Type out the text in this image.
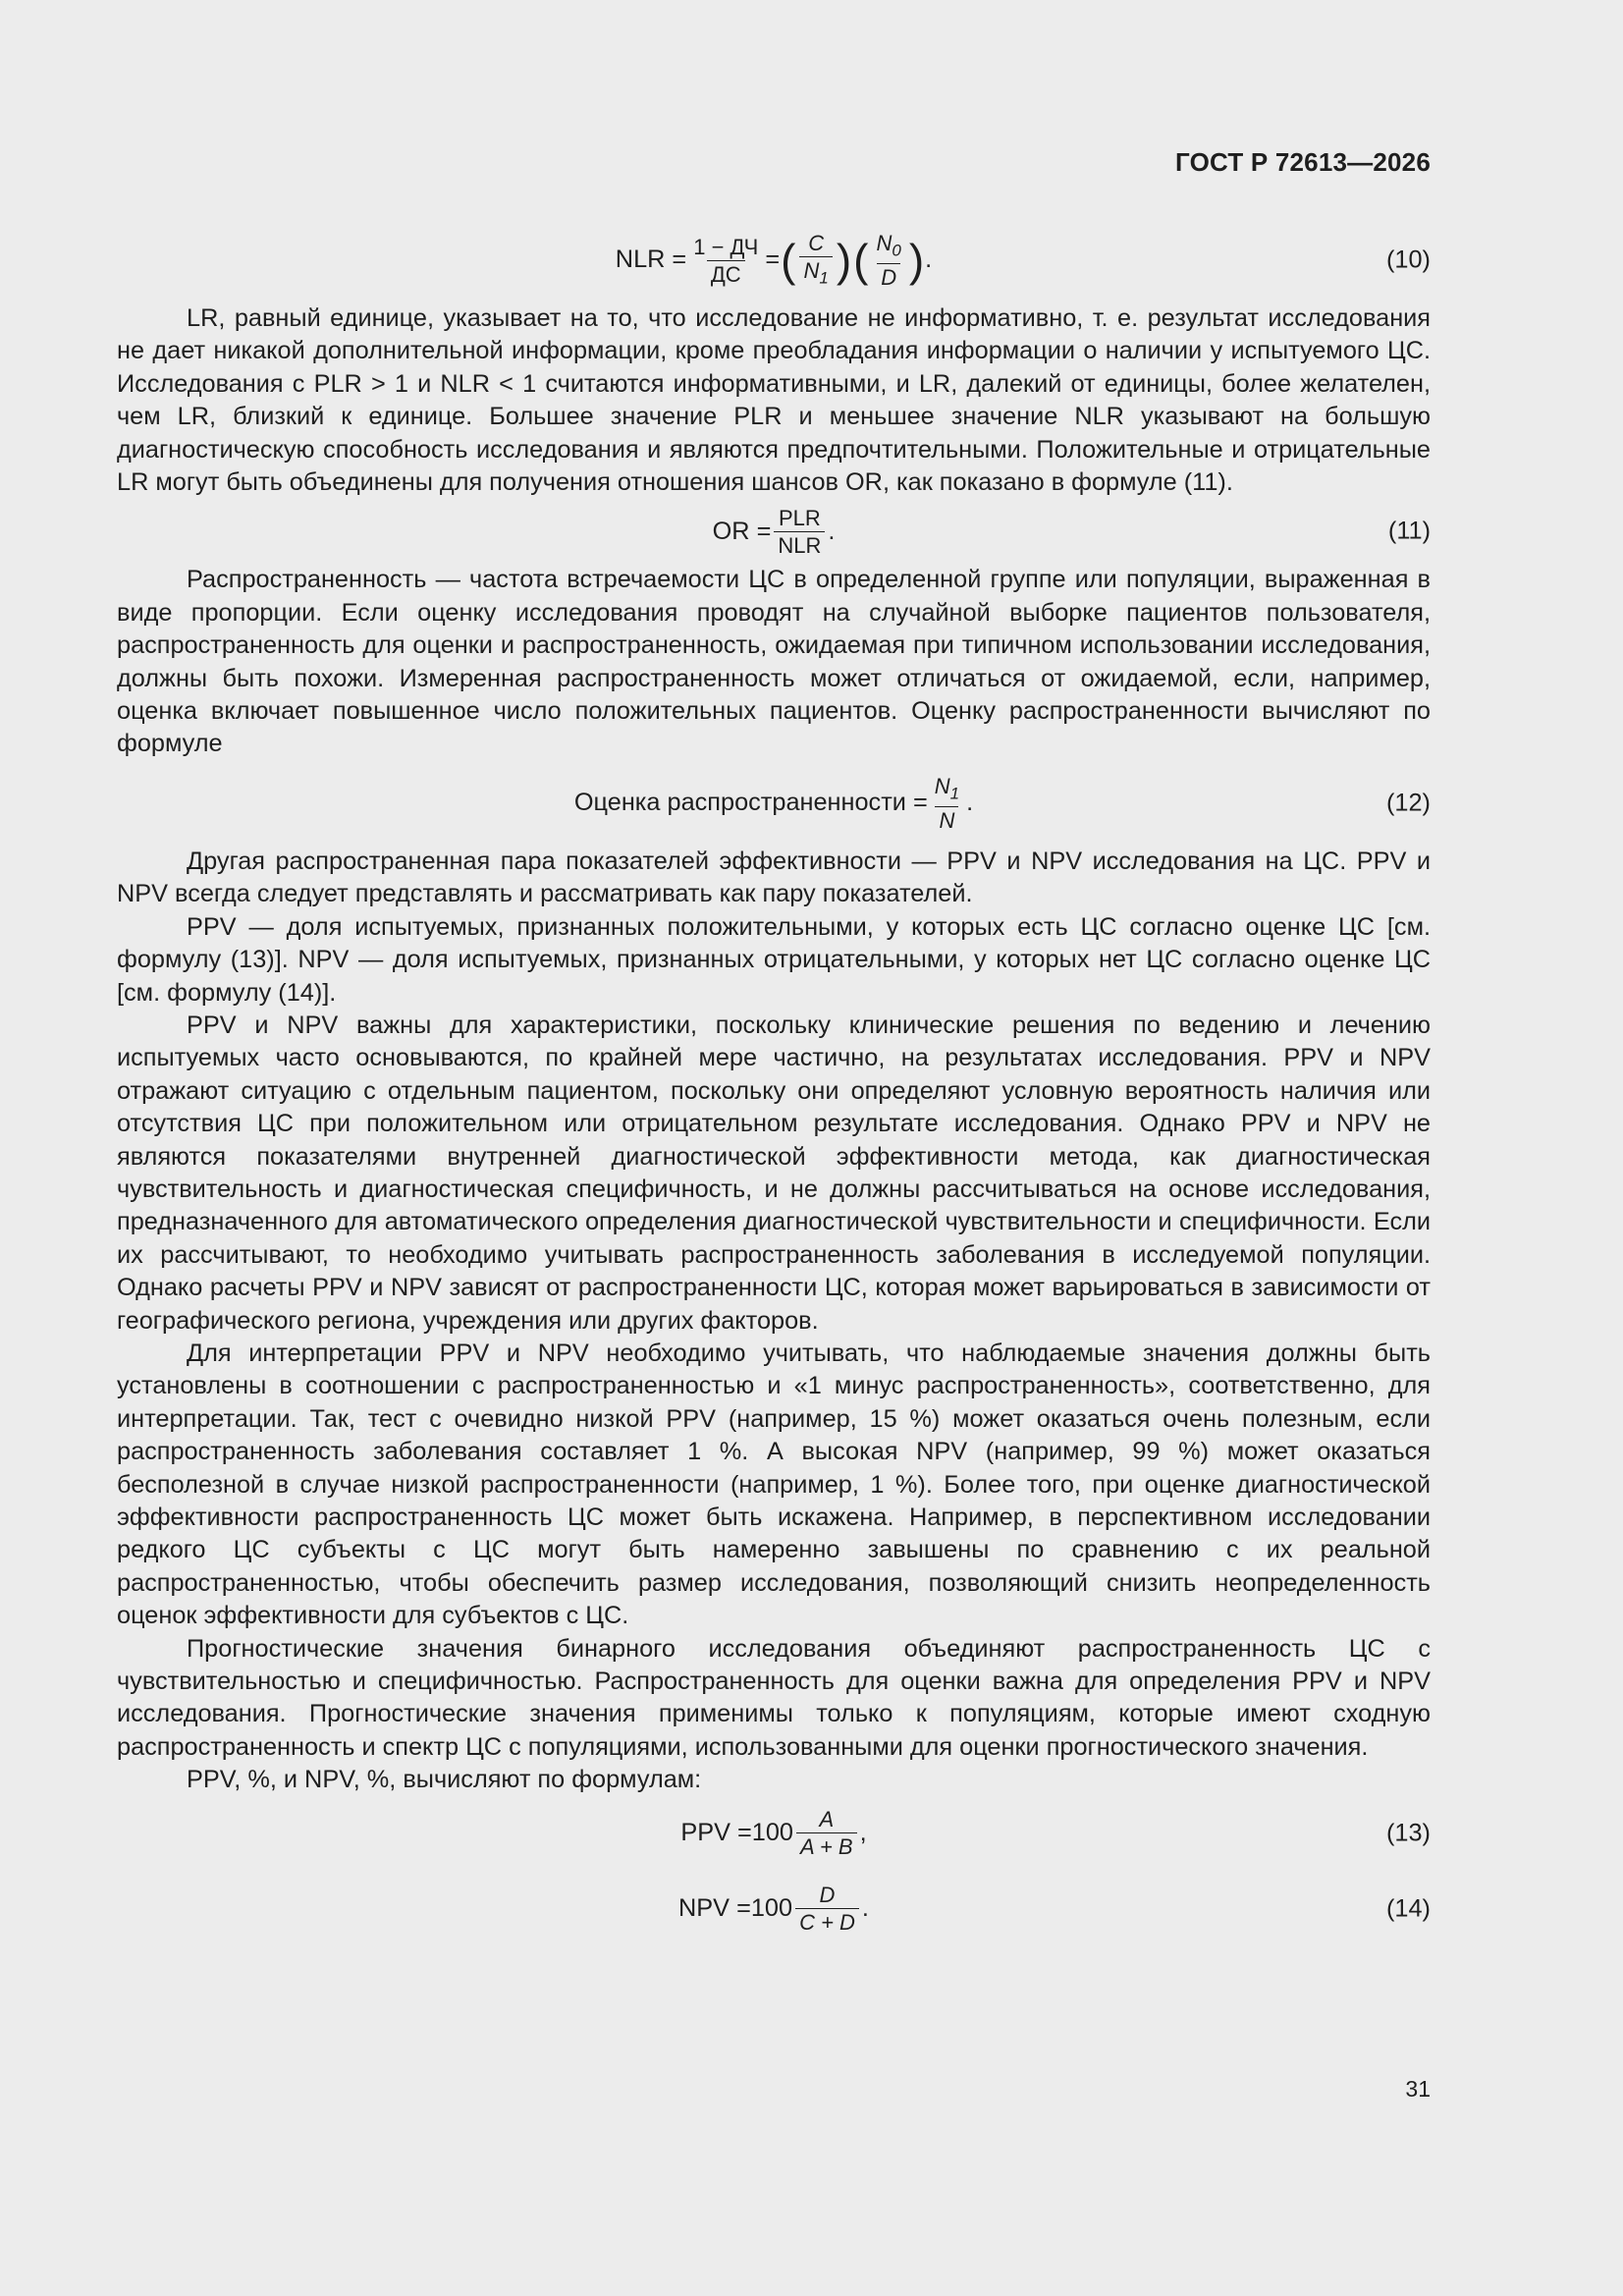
ГОСТ Р 72613—2026
NLR = $\frac{1 - ДЧ}{ДС}$ = ( $\frac{C}{N_1}$ ) ( $\frac{N_0}{D}$ ) .	(10)

LR, равный единице, указывает на то, что исследование не информативно, т. е. результат исследования не дает никакой дополнительной информации, кроме преобладания информации о наличии у испытуемого ЦС. Исследования с PLR > 1 и NLR < 1 считаются информативными, и LR, далекий от единицы, более желателен, чем LR, близкий к единице. Большее значение PLR и меньшее значение NLR указывают на большую диагностическую способность исследования и являются предпочтительными. Положительные и отрицательные LR могут быть объединены для получения отношения шансов OR, как показано в формуле (11).

OR = $\frac{\text{PLR}}{\text{NLR}}$ .	(11)

Распространенность — частота встречаемости ЦС в определенной группе или популяции, выраженная в виде пропорции. Если оценку исследования проводят на случайной выборке пациентов пользователя, распространенность для оценки и распространенность, ожидаемая при типичном использовании исследования, должны быть похожи. Измеренная распространенность может отличаться от ожидаемой, если, например, оценка включает повышенное число положительных пациентов. Оценку распространенности вычисляют по формуле

Оценка распространенности = $\frac{N_1}{N}$ .	(12)

Другая распространенная пара показателей эффективности — PPV и NPV исследования на ЦС. PPV и NPV всегда следует представлять и рассматривать как пару показателей.

PPV — доля испытуемых, признанных положительными, у которых есть ЦС согласно оценке ЦС [см. формулу (13)]. NPV — доля испытуемых, признанных отрицательными, у которых нет ЦС согласно оценке ЦС [см. формулу (14)].

PPV и NPV важны для характеристики, поскольку клинические решения по ведению и лечению испытуемых часто основываются, по крайней мере частично, на результатах исследования. PPV и NPV отражают ситуацию с отдельным пациентом, поскольку они определяют условную вероятность наличия или отсутствия ЦС при положительном или отрицательном результате исследования. Однако PPV и NPV не являются показателями внутренней диагностической эффективности метода, как диагностическая чувствительность и диагностическая специфичность, и не должны рассчитываться на основе исследования, предназначенного для автоматического определения диагностической чувствительности и специфичности. Если их рассчитывают, то необходимо учитывать распространенность заболевания в исследуемой популяции. Однако расчеты PPV и NPV зависят от распространенности ЦС, которая может варьироваться в зависимости от географического региона, учреждения или других факторов.

Для интерпретации PPV и NPV необходимо учитывать, что наблюдаемые значения должны быть установлены в соотношении с распространенностью и «1 минус распространенность», соответственно, для интерпретации. Так, тест с очевидно низкой PPV (например, 15 %) может оказаться очень полезным, если распространенность заболевания составляет 1 %. А высокая NPV (например, 99 %) может оказаться бесполезной в случае низкой распространенности (например, 1 %). Более того, при оценке диагностической эффективности распространенность ЦС может быть искажена. Например, в перспективном исследовании редкого ЦС субъекты с ЦС могут быть намеренно завышены по сравнению с их реальной распространенностью, чтобы обеспечить размер исследования, позволяющий снизить неопределенность оценок эффективности для субъектов с ЦС.

Прогностические значения бинарного исследования объединяют распространенность ЦС с чувствительностью и специфичностью. Распространенность для оценки важна для определения PPV и NPV исследования. Прогностические значения применимы только к популяциям, которые имеют сходную распространенность и спектр ЦС с популяциями, использованными для оценки прогностического значения.

PPV, %, и NPV, %, вычисляют по формулам:

PPV $=100 \frac{A}{A + B}$ ,	(13)
NPV $=100 \frac{D}{C + D}$ .	(14)
31
